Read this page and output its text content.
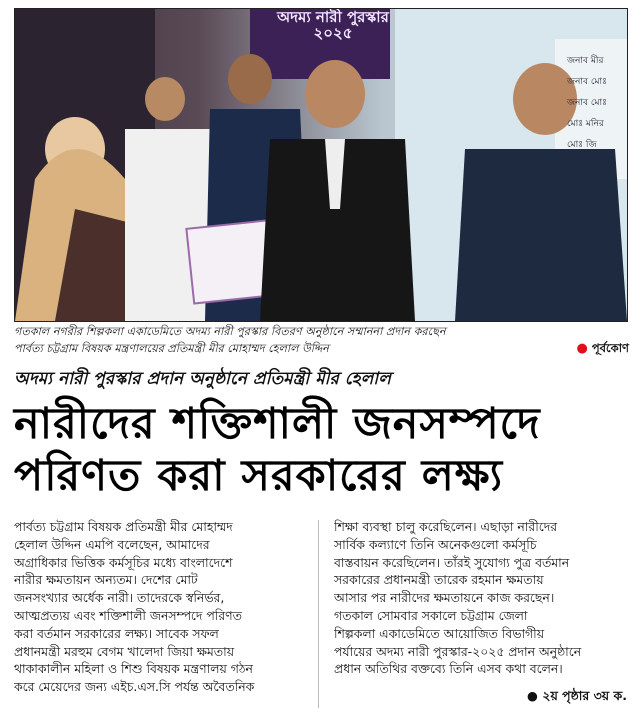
অদম্য নারী পুরস্কার ২০২৫
জনাব মীর
জনাব মোঃ
জনাব মোঃ
মোঃ মনির
মোঃ জি
গতকাল নগরীর শিল্পকলা একাডেমিতে অদম্য নারী পুরস্কার বিতরণ অনুষ্ঠানে সম্মাননা প্রদান করছেন
পার্বত্য চট্টগ্রাম বিষয়ক মন্ত্রণালয়ের প্রতিমন্ত্রী মীর মোহাম্মদ হেলাল উদ্দিন	● পূর্বকোণ
অদম্য নারী পুরস্কার প্রদান অনুষ্ঠানে প্রতিমন্ত্রী মীর হেলাল
নারীদের শক্তিশালী জনসম্পদে
পরিণত করা সরকারের লক্ষ্য
পার্বত্য চট্টগ্রাম বিষয়ক প্রতিমন্ত্রী মীর মোহাম্মদ
হেলাল উদ্দিন এমপি বলেছেন, আমাদের
অগ্রাধিকার ভিত্তিক কর্মসূচির মধ্যে বাংলাদেশে
নারীর ক্ষমতায়ন অন্যতম। দেশের মোট
জনসংখ্যার অর্ধেক নারী। তাদেরকে স্বনির্ভর,
আত্মপ্রত্যয় এবং শক্তিশালী জনসম্পদে পরিণত
করা বর্তমান সরকারের লক্ষ্য। সাবেক সফল
প্রধানমন্ত্রী মরহুম বেগম খালেদা জিয়া ক্ষমতায়
থাকাকালীন মহিলা ও শিশু বিষয়ক মন্ত্রণালয় গঠন
করে মেয়েদের জন্য এইচ.এস.সি পর্যন্ত অবৈতনিক
শিক্ষা ব্যবস্থা চালু করেছিলেন। এছাড়া নারীদের
সার্বিক কল্যাণে তিনি অনেকগুলো কর্মসূচি
বাস্তবায়ন করেছিলেন। তাঁরই সুযোগ্য পুত্র বর্তমান
সরকারের প্রধানমন্ত্রী তারেক রহমান ক্ষমতায়
আসার পর নারীদের ক্ষমতায়নে কাজ করছেন।
গতকাল সোমবার সকালে চট্টগ্রাম জেলা
শিল্পকলা একাডেমিতে আয়োজিত বিভাগীয়
পর্যায়ের অদম্য নারী পুরস্কার-২০২৫ প্রদান অনুষ্ঠানে
প্রধান অতিথির বক্তব্যে তিনি এসব কথা বলেন।
● ২য় পৃষ্ঠার ৩য় ক.
